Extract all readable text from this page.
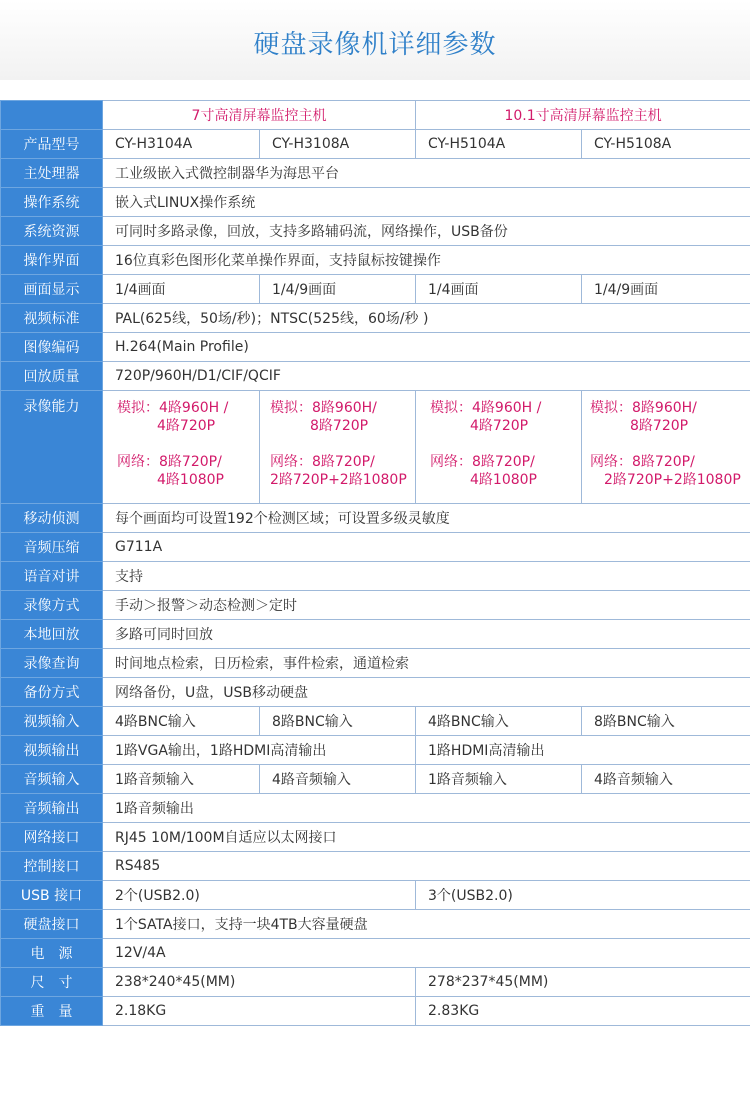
硬盘录像机详细参数
	7寸高清屏幕监控主机		10.1寸高清屏幕监控主机	
产品型号	CY-H3104A	CY-H3108A	CY-H5104A	CY-H5108A
主处理器	工业级嵌入式微控制器华为海思平台			
操作系统	嵌入式LINUX操作系统			
系统资源	可同时多路录像，回放，支持多路辅码流，网络操作，USB备份			
操作界面	16位真彩色图形化菜单操作界面，支持鼠标按键操作			
画面显示	1/4画面	1/4/9画面	1/4画面	1/4/9画面
视频标准	PAL(625线，50场/秒)；NTSC(525线，60场/秒 )			
图像编码	H.264(Main Profile)			
回放质量	720P/960H/D1/CIF/QCIF			
录像能力	模拟：4路960H /
4路720P
网络：8路720P/
4路1080P	模拟：8路960H/
8路720P
网络：8路720P/
2路720P+2路1080P	模拟：4路960H /
4路720P
网络：8路720P/
4路1080P	模拟：8路960H/
8路720P
网络：8路720P/
2路720P+2路1080P

移动侦测	每个画面均可设置192个检测区域；可设置多级灵敏度			
音频压缩	G711A			
语音对讲	支持			
录像方式	手动＞报警＞动态检测＞定时			
本地回放	多路可同时回放			
录像查询	时间地点检索，日历检索，事件检索，通道检索			
备份方式	网络备份，U盘，USB移动硬盘			
视频输入	4路BNC输入	8路BNC输入	4路BNC输入	8路BNC输入
视频输出	1路VGA输出，1路HDMI高清输出		1路HDMI高清输出	
音频输入	1路音频输入	4路音频输入	1路音频输入	4路音频输入
音频输出	1路音频输出			
网络接口	RJ45 10M/100M自适应以太网接口			
控制接口	RS485			
USB 接口	2个(USB2.0)		3个(USB2.0)	
硬盘接口	1个SATA接口，支持一块4TB大容量硬盘			
电　源	12V/4A			
尺　寸	238*240*45(MM)		278*237*45(MM)	
重　量	2.18KG		2.83KG	
